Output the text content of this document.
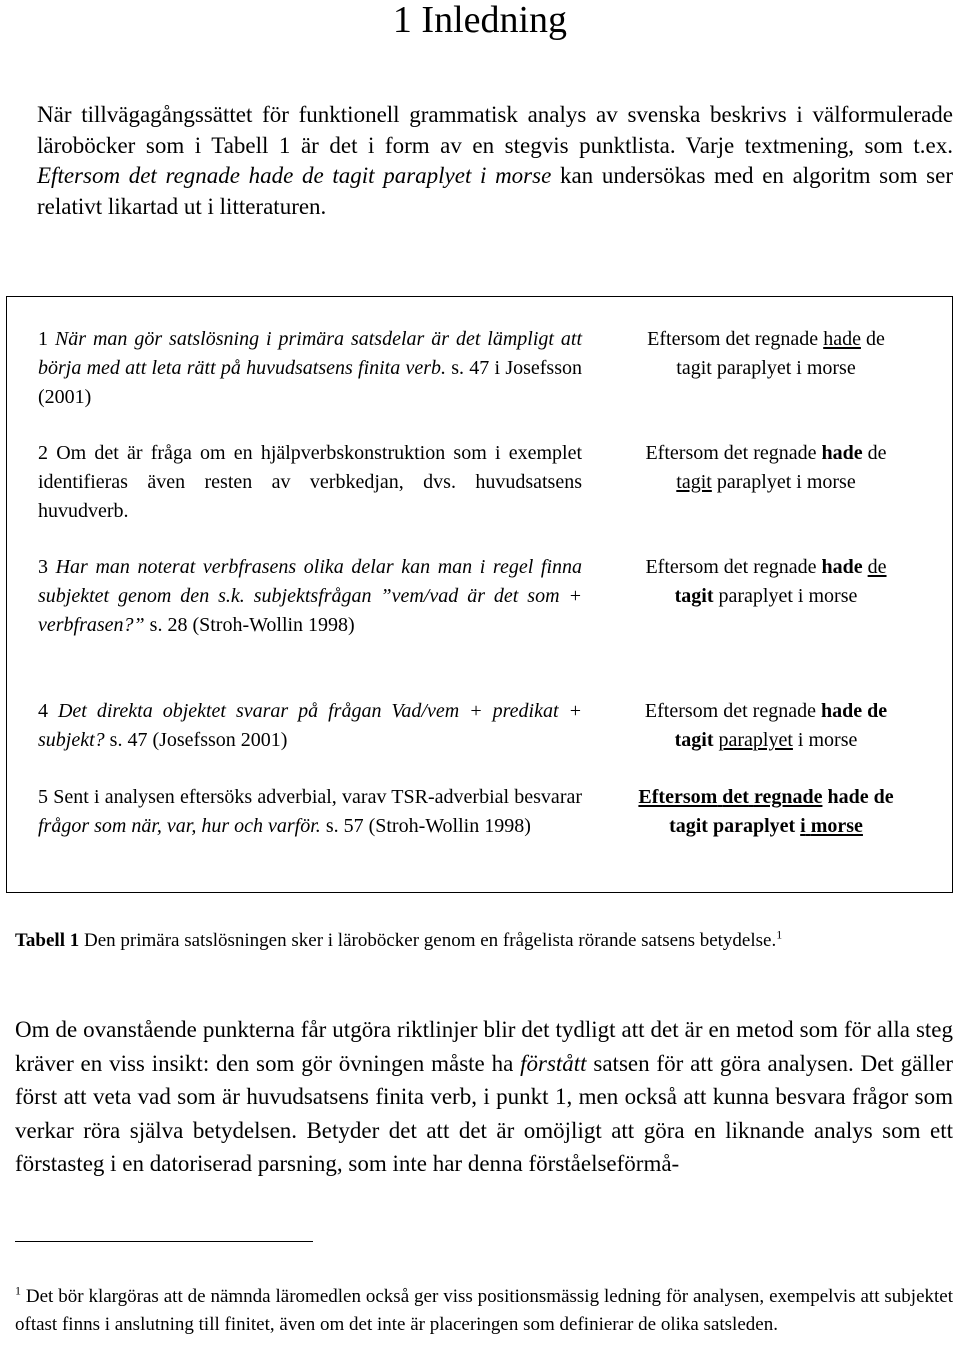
1 Inledning

När tillvägagångssättet för funktionell grammatisk analys av svenska beskrivs i välformulerade läroböcker som i Tabell 1 är det i form av en stegvis punktlista. Varje textmening, som t.ex. Eftersom det regnade hade de tagit paraplyet i morse kan undersökas med en algoritm som ser relativt likartad ut i litteraturen.

1 När man gör satslösning i primära satsdelar är det lämpligt att börja med att leta rätt på huvudsatsens finita verb. s. 47 i Josefsson (2001)

Eftersom det regnade hade de
tagit paraplyet i morse

2 Om det är fråga om en hjälpverbskonstruktion som i exemplet identifieras även resten av verbkedjan, dvs. huvudsatsens huvudverb.

Eftersom det regnade hade de
tagit paraplyet i morse

3 Har man noterat verbfrasens olika delar kan man i regel finna subjektet genom den s.k. subjektsfrågan ”vem/vad är det som + verbfrasen?” s. 28 (Stroh-Wollin 1998)

Eftersom det regnade hade de
tagit paraplyet i morse

4 Det direkta objektet svarar på frågan Vad/vem + predikat + subjekt? s. 47 (Josefsson 2001)

Eftersom det regnade hade de
tagit paraplyet i morse

5 Sent i analysen eftersöks adverbial, varav TSR-adverbial besvarar frågor som när, var, hur och varför. s. 57 (Stroh-Wollin 1998)

Eftersom det regnade hade de
tagit paraplyet i morse

Tabell 1 Den primära satslösningen sker i läroböcker genom en frågelista rörande satsens betydelse.$^1$

Om de ovanstående punkterna får utgöra riktlinjer blir det tydligt att det är en metod som för alla steg kräver en viss insikt: den som gör övningen måste ha förstått satsen för att göra analysen. Det gäller först att veta vad som är huvudsatsens finita verb, i punkt 1, men också att kunna besvara frågor som verkar röra själva betydelsen. Betyder det att det är omöjligt att göra en liknande analys som ett förstasteg i en datoriserad parsning, som inte har denna förståelseförmå-

$^1$ Det bör klargöras att de nämnda läromedlen också ger viss positionsmässig ledning för analysen, exempelvis att subjektet oftast finns i anslutning till finitet, även om det inte är placeringen som definierar de olika satsleden.
